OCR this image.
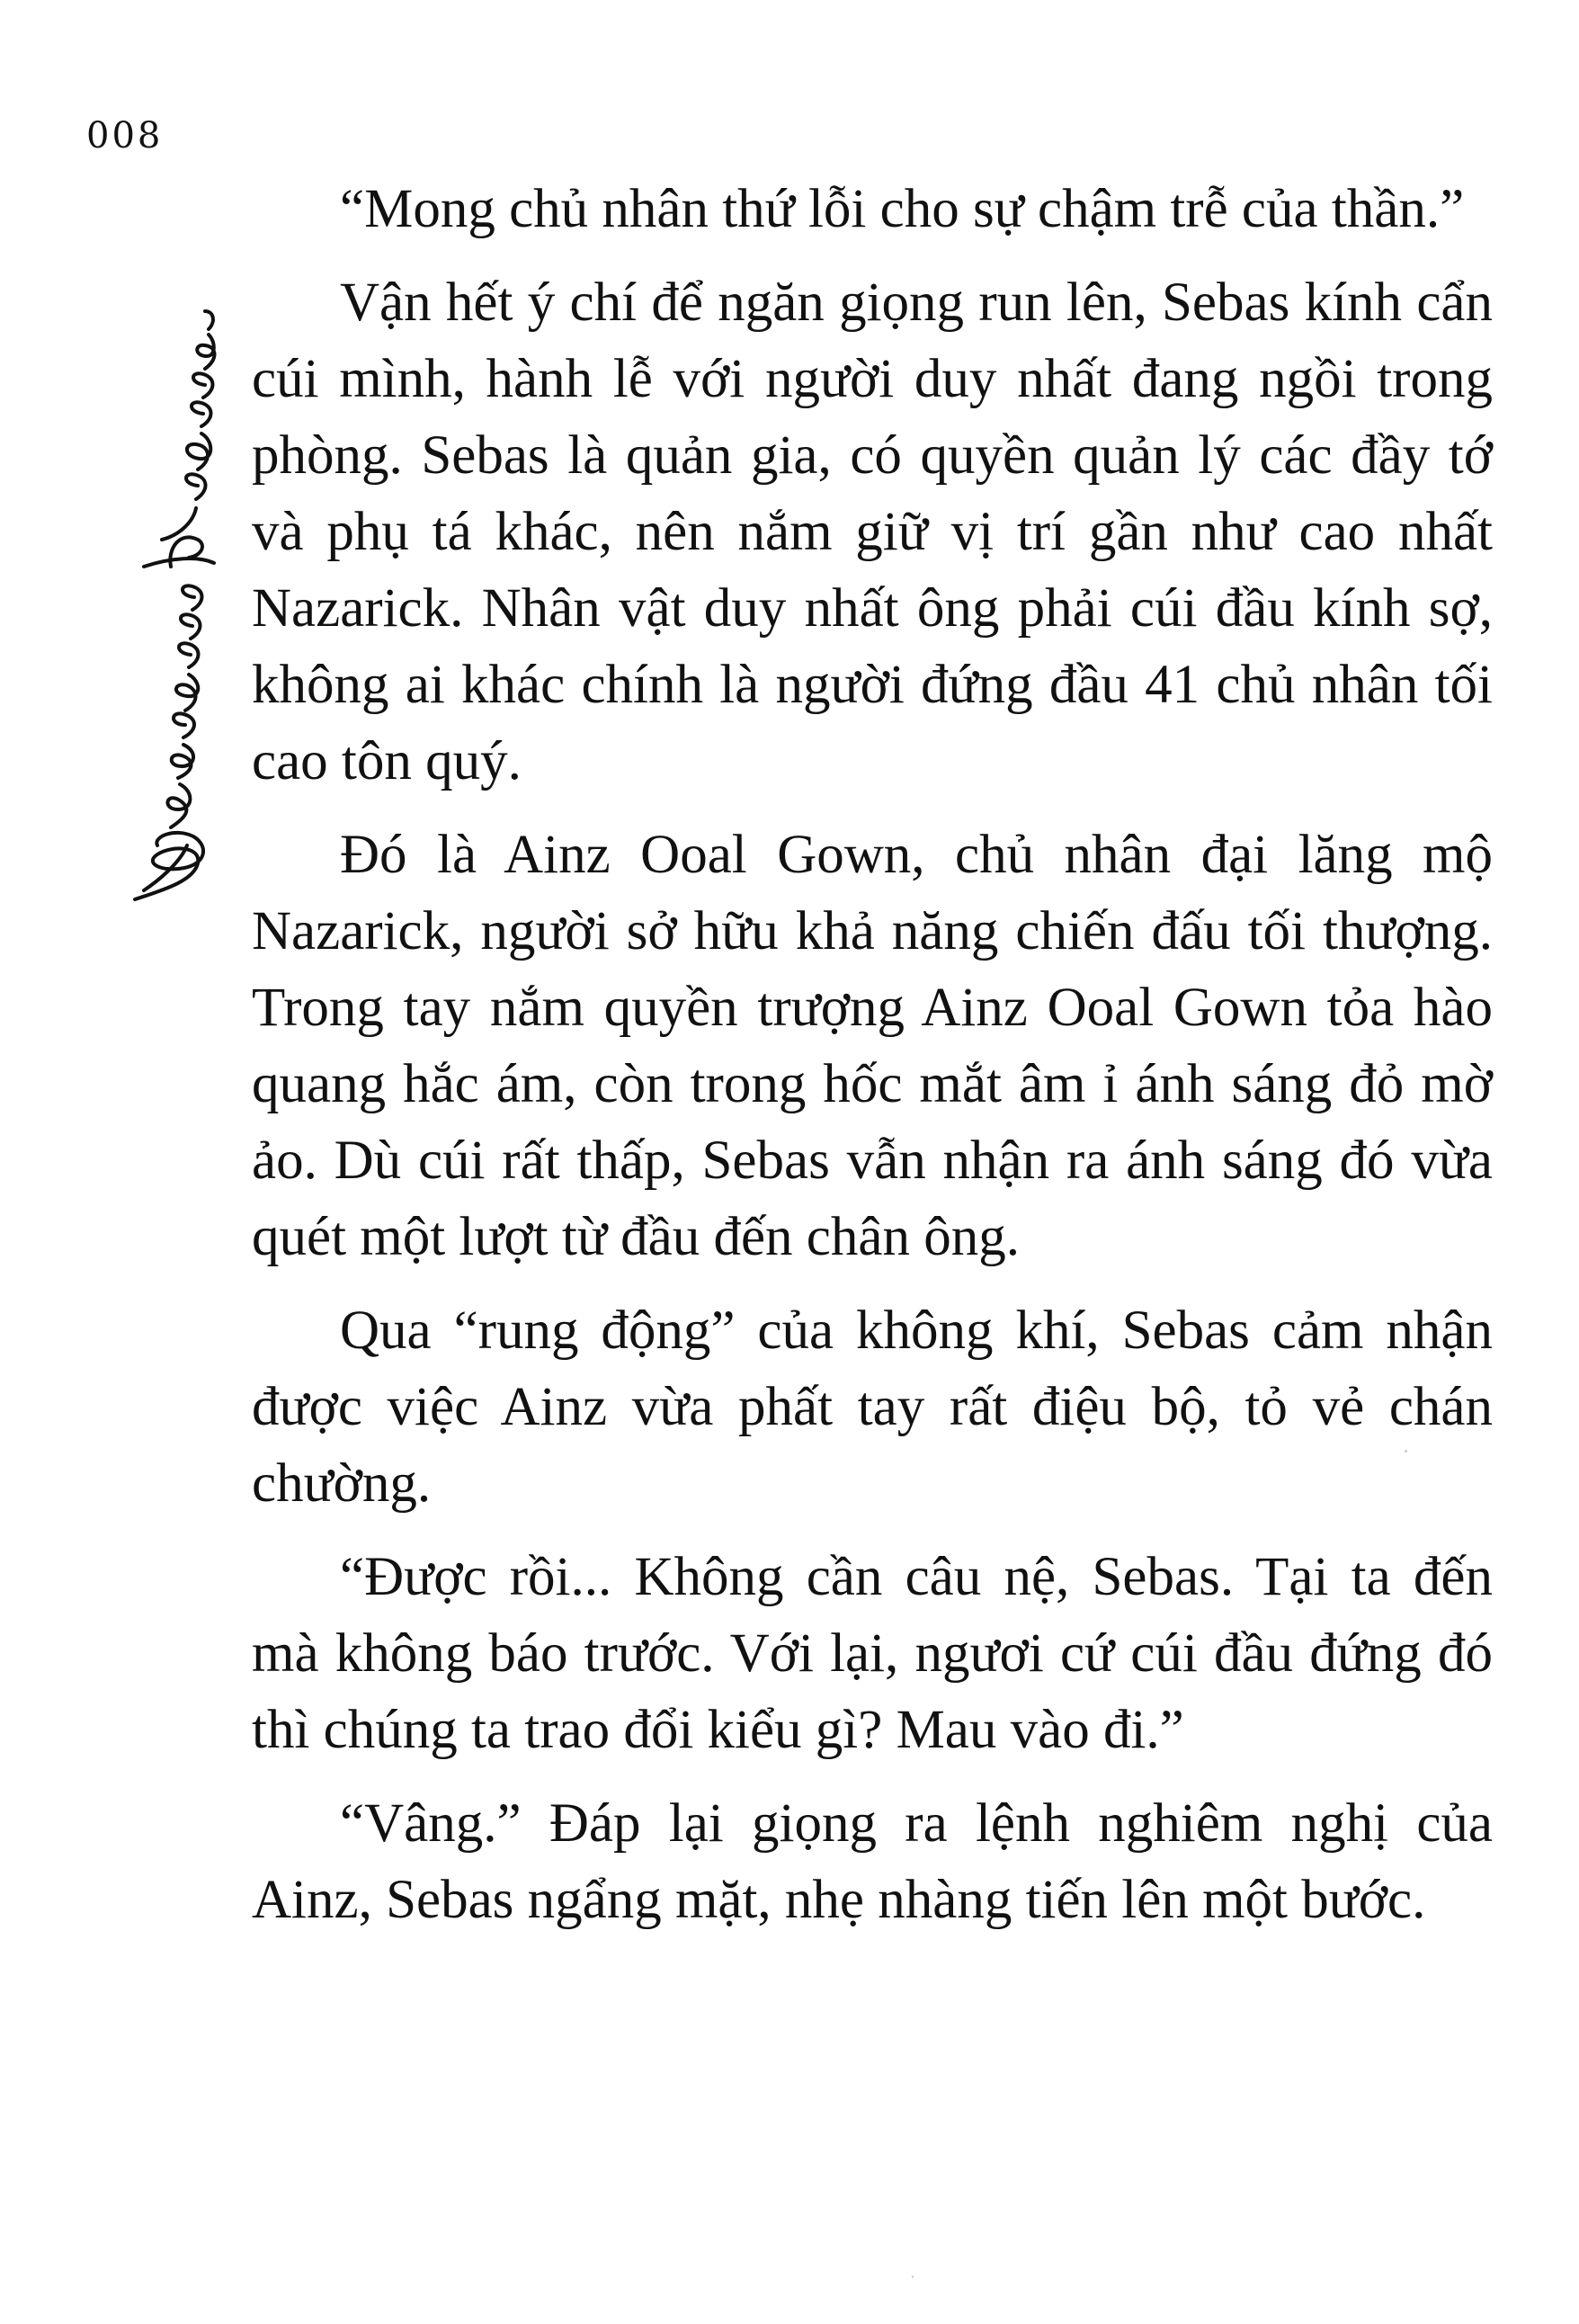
008

“Mong chủ nhân thứ lỗi cho sự chậm trễ của thần.”

Vận hết ý chí để ngăn giọng run lên, Sebas kính cẩn cúi mình, hành lễ với người duy nhất đang ngồi trong phòng. Sebas là quản gia, có quyền quản lý các đầy tớ và phụ tá khác, nên nắm giữ vị trí gần như cao nhất Nazarick. Nhân vật duy nhất ông phải cúi đầu kính sợ, không ai khác chính là người đứng đầu 41 chủ nhân tối cao tôn quý.

Đó là Ainz Ooal Gown, chủ nhân đại lăng mộ Nazarick, người sở hữu khả năng chiến đấu tối thượng. Trong tay nắm quyền trượng Ainz Ooal Gown tỏa hào quang hắc ám, còn trong hốc mắt âm ỉ ánh sáng đỏ mờ ảo. Dù cúi rất thấp, Sebas vẫn nhận ra ánh sáng đó vừa quét một lượt từ đầu đến chân ông.

Qua “rung động” của không khí, Sebas cảm nhận được việc Ainz vừa phất tay rất điệu bộ, tỏ vẻ chán chường.

“Được rồi... Không cần câu nệ, Sebas. Tại ta đến mà không báo trước. Với lại, ngươi cứ cúi đầu đứng đó thì chúng ta trao đổi kiểu gì? Mau vào đi.”

“Vâng.” Đáp lại giọng ra lệnh nghiêm nghị của Ainz, Sebas ngẩng mặt, nhẹ nhàng tiến lên một bước.
